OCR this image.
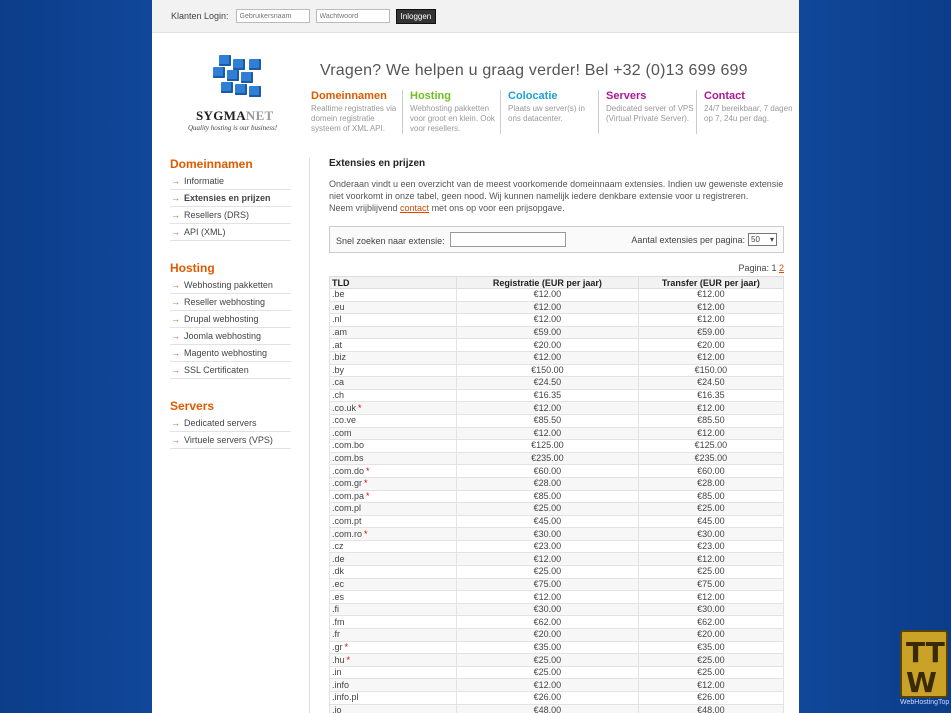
Klanten Login:
Gebruikersnaam
Wachtwoord	Inloggen
SYGMANET
Quality hosting is our business!
Vragen? We helpen u graag verder! Bel +32 (0)13 699 699
Domeinnamen
Realtime registraties via domein registratie systeem of XML API.
Hosting
Webhosting pakketten voor groot en klein. Ook voor resellers.
Colocatie
Plaats uw server(s) in ons datacenter.
Servers
Dedicated server of VPS (Virtual Private Server).
Contact
24/7 bereikbaar, 7 dagen op 7, 24u per dag.
Domeinnamen
→ Informatie
→ Extensies en prijzen
→ Resellers (DRS)
→ API (XML)
Hosting
→ Webhosting pakketten
→ Reseller webhosting
→ Drupal webhosting
→ Joomla webhosting
→ Magento webhosting
→ SSL Certificaten
Servers
→ Dedicated servers
→ Virtuele servers (VPS)
Extensies en prijzen
Onderaan vindt u een overzicht van de meest voorkomende domeinnaam extensies. Indien uw gewenste extensie niet voorkomt in onze tabel, geen nood. Wij kunnen namelijk iedere denkbare extensie voor u registreren.
Neem vrijblijvend contact met ons op voor een prijsopgave.
Snel zoeken naar extensie:	Aantal extensies per pagina: 50 ▾
Pagina: 1 2
TLD	Registratie (EUR per jaar)	Transfer (EUR per jaar)
.be	€12.00	€12.00
.eu	€12.00	€12.00
.nl	€12.00	€12.00
.am	€59.00	€59.00
.at	€20.00	€20.00
.biz	€12.00	€12.00
.by	€150.00	€150.00
.ca	€24.50	€24.50
.ch	€16.35	€16.35
.co.uk *	€12.00	€12.00
.co.ve	€85.50	€85.50
.com	€12.00	€12.00
.com.bo	€125.00	€125.00
.com.bs	€235.00	€235.00
.com.do *	€60.00	€60.00
.com.gr *	€28.00	€28.00
.com.pa *	€85.00	€85.00
.com.pl	€25.00	€25.00
.com.pt	€45.00	€45.00
.com.ro *	€30.00	€30.00
.cz	€23.00	€23.00
.de	€12.00	€12.00
.dk	€25.00	€25.00
.ec	€75.00	€75.00
.es	€12.00	€12.00
.fi	€30.00	€30.00
.fm	€62.00	€62.00
.fr	€20.00	€20.00
.gr *	€35.00	€35.00
.hu *	€25.00	€25.00
.in	€25.00	€25.00
.info	€12.00	€12.00
.info.pl	€26.00	€26.00
.io	€48.00	€48.00
TT
W
WebHostingTop
